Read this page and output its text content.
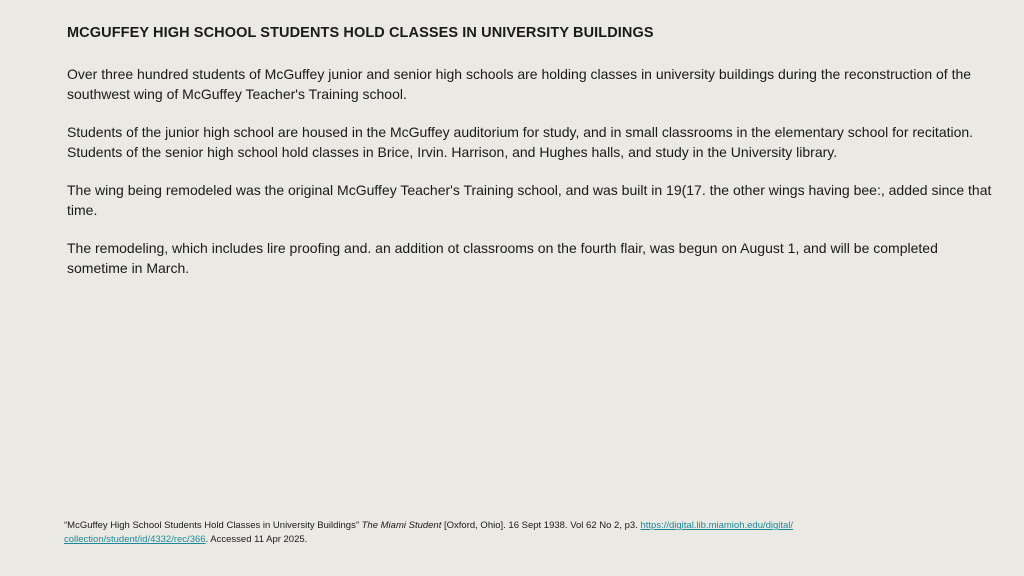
MCGUFFEY HIGH SCHOOL STUDENTS HOLD CLASSES IN UNIVERSITY BUILDINGS

Over three hundred students of McGuffey junior and senior high schools are holding classes in university buildings during the reconstruction of the southwest wing of McGuffey Teacher's Training school.

Students of the junior high school are housed in the McGuffey auditorium for study, and in small classrooms in the elementary school for recitation. Students of the senior high school hold classes in Brice, Irvin. Harrison, and Hughes halls, and study in the University library.

The wing being remodeled was the original McGuffey Teacher's Training school, and was built in 19(17. the other wings having bee:, added since that time.

The remodeling, which includes lire proofing and. an addition ot classrooms on the fourth flair, was begun on August 1, and will be completed sometime in March.

“McGuffey High School Students Hold Classes in University Buildings” The Miami Student [Oxford, Ohio]. 16 Sept 1938. Vol 62 No 2, p3. https://digital.lib.miamioh.edu/digital/
collection/student/id/4332/rec/366. Accessed 11 Apr 2025.
